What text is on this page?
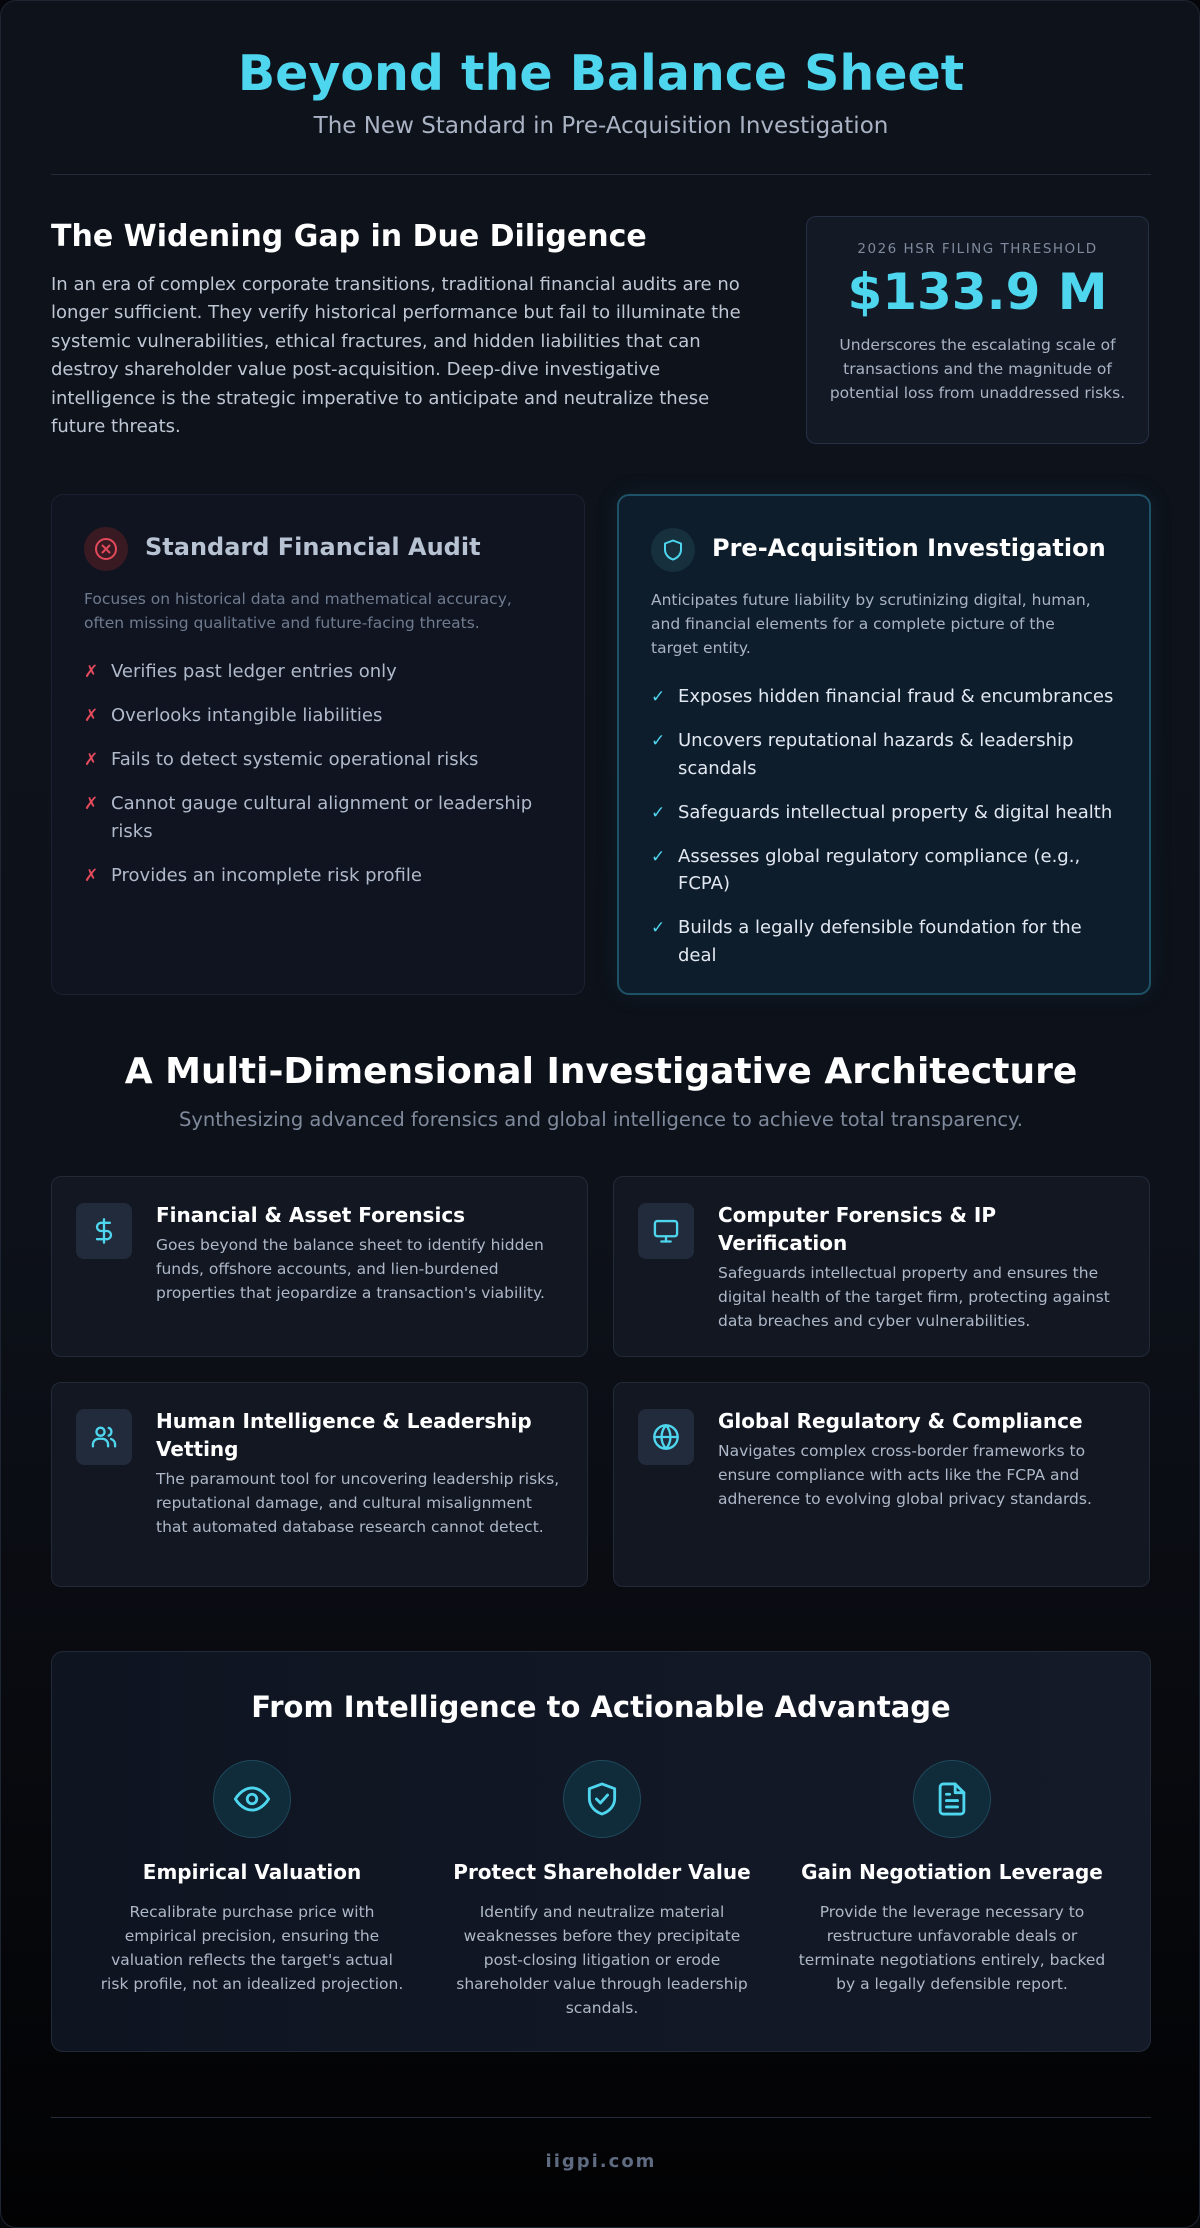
Beyond the Balance Sheet
The New Standard in Pre-Acquisition Investigation
The Widening Gap in Due Diligence
In an era of complex corporate transitions, traditional financial audits are no longer sufficient. They verify historical performance but fail to illuminate the systemic vulnerabilities, ethical fractures, and hidden liabilities that can destroy shareholder value post-acquisition. Deep-dive investigative intelligence is the strategic imperative to anticipate and neutralize these future threats.
2026 HSR FILING THRESHOLD
$133.9 M
Underscores the escalating scale of transactions and the magnitude of potential loss from unaddressed risks.
Standard Financial Audit
Focuses on historical data and mathematical accuracy, often missing qualitative and future-facing threats.
✗ Verifies past ledger entries only
✗ Overlooks intangible liabilities
✗ Fails to detect systemic operational risks
✗ Cannot gauge cultural alignment or leadership risks
✗ Provides an incomplete risk profile
Pre-Acquisition Investigation
Anticipates future liability by scrutinizing digital, human, and financial elements for a complete picture of the target entity.
✓ Exposes hidden financial fraud & encumbrances
✓ Uncovers reputational hazards & leadership scandals
✓ Safeguards intellectual property & digital health
✓ Assesses global regulatory compliance (e.g., FCPA)
✓ Builds a legally defensible foundation for the deal
A Multi-Dimensional Investigative Architecture
Synthesizing advanced forensics and global intelligence to achieve total transparency.
Financial & Asset Forensics
Goes beyond the balance sheet to identify hidden funds, offshore accounts, and lien-burdened properties that jeopardize a transaction's viability.
Computer Forensics & IP Verification
Safeguards intellectual property and ensures the digital health of the target firm, protecting against data breaches and cyber vulnerabilities.
Human Intelligence & Leadership Vetting
The paramount tool for uncovering leadership risks, reputational damage, and cultural misalignment that automated database research cannot detect.
Global Regulatory & Compliance
Navigates complex cross-border frameworks to ensure compliance with acts like the FCPA and adherence to evolving global privacy standards.
From Intelligence to Actionable Advantage
Empirical Valuation
Recalibrate purchase price with empirical precision, ensuring the valuation reflects the target's actual risk profile, not an idealized projection.
Protect Shareholder Value
Identify and neutralize material weaknesses before they precipitate post-closing litigation or erode shareholder value through leadership scandals.
Gain Negotiation Leverage
Provide the leverage necessary to restructure unfavorable deals or terminate negotiations entirely, backed by a legally defensible report.
iigpi.com
